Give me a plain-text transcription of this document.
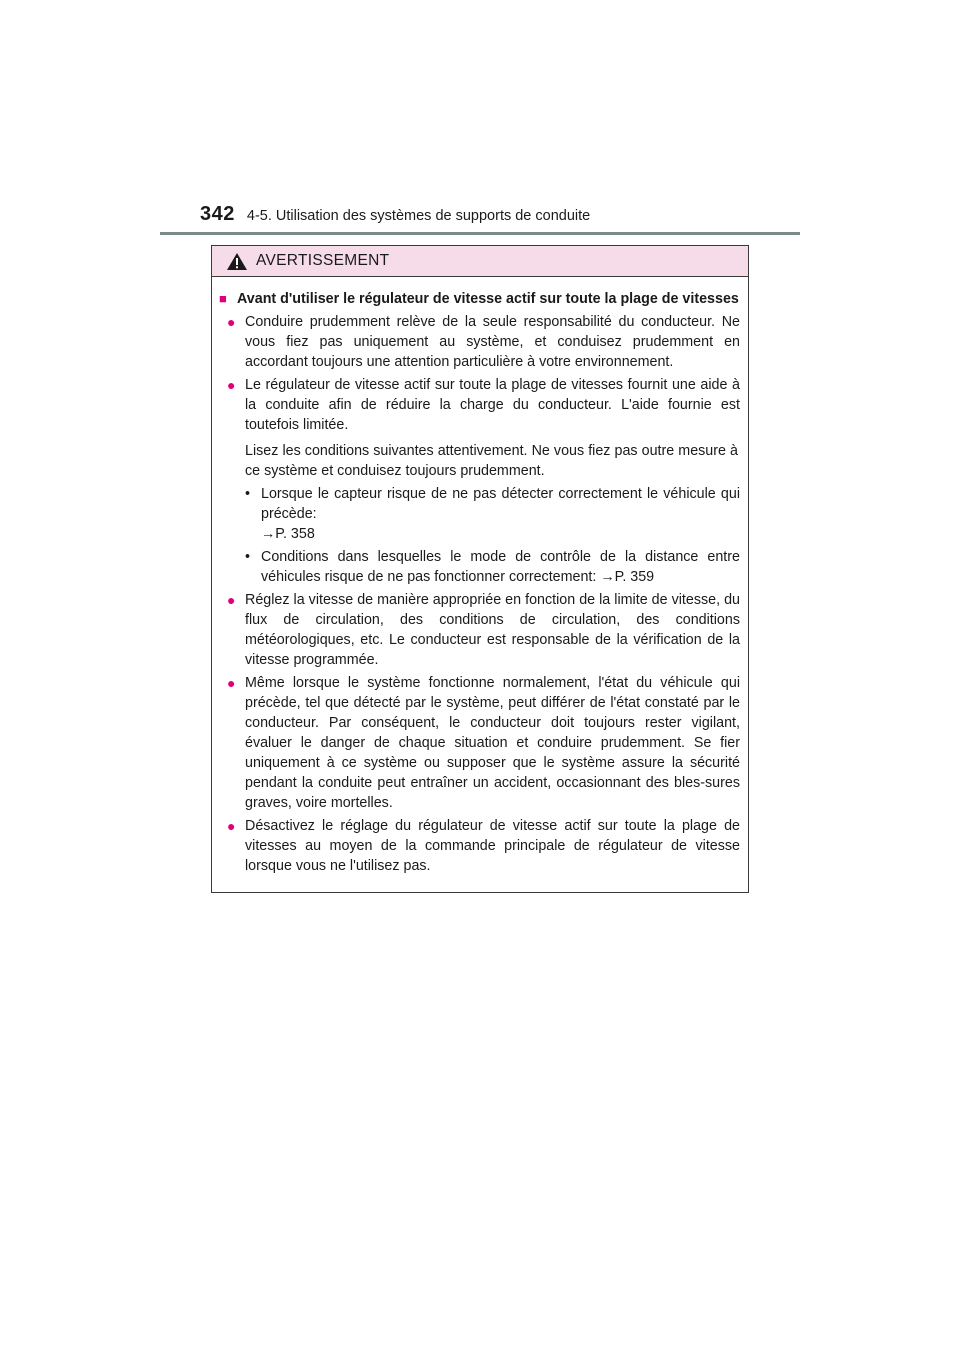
342 4-5. Utilisation des systèmes de supports de conduite
AVERTISSEMENT
■ Avant d'utiliser le régulateur de vitesse actif sur toute la plage de vitesses
● Conduire prudemment relève de la seule responsabilité du conducteur. Ne vous fiez pas uniquement au système, et conduisez prudemment en accordant toujours une attention particulière à votre environnement.
● Le régulateur de vitesse actif sur toute la plage de vitesses fournit une aide à la conduite afin de réduire la charge du conducteur. L'aide fournie est toutefois limitée.
Lisez les conditions suivantes attentivement. Ne vous fiez pas outre mesure à ce système et conduisez toujours prudemment.
• Lorsque le capteur risque de ne pas détecter correctement le véhicule qui précède:
→P. 358
• Conditions dans lesquelles le mode de contrôle de la distance entre véhicules risque de ne pas fonctionner correctement: →P. 359
● Réglez la vitesse de manière appropriée en fonction de la limite de vitesse, du flux de circulation, des conditions de circulation, des conditions météorologiques, etc. Le conducteur est responsable de la vérification de la vitesse programmée.
● Même lorsque le système fonctionne normalement, l'état du véhicule qui précède, tel que détecté par le système, peut différer de l'état constaté par le conducteur. Par conséquent, le conducteur doit toujours rester vigilant, évaluer le danger de chaque situation et conduire prudemment. Se fier uniquement à ce système ou supposer que le système assure la sécurité pendant la conduite peut entraîner un accident, occasionnant des bles-sures graves, voire mortelles.
● Désactivez le réglage du régulateur de vitesse actif sur toute la plage de vitesses au moyen de la commande principale de régulateur de vitesse lorsque vous ne l'utilisez pas.
